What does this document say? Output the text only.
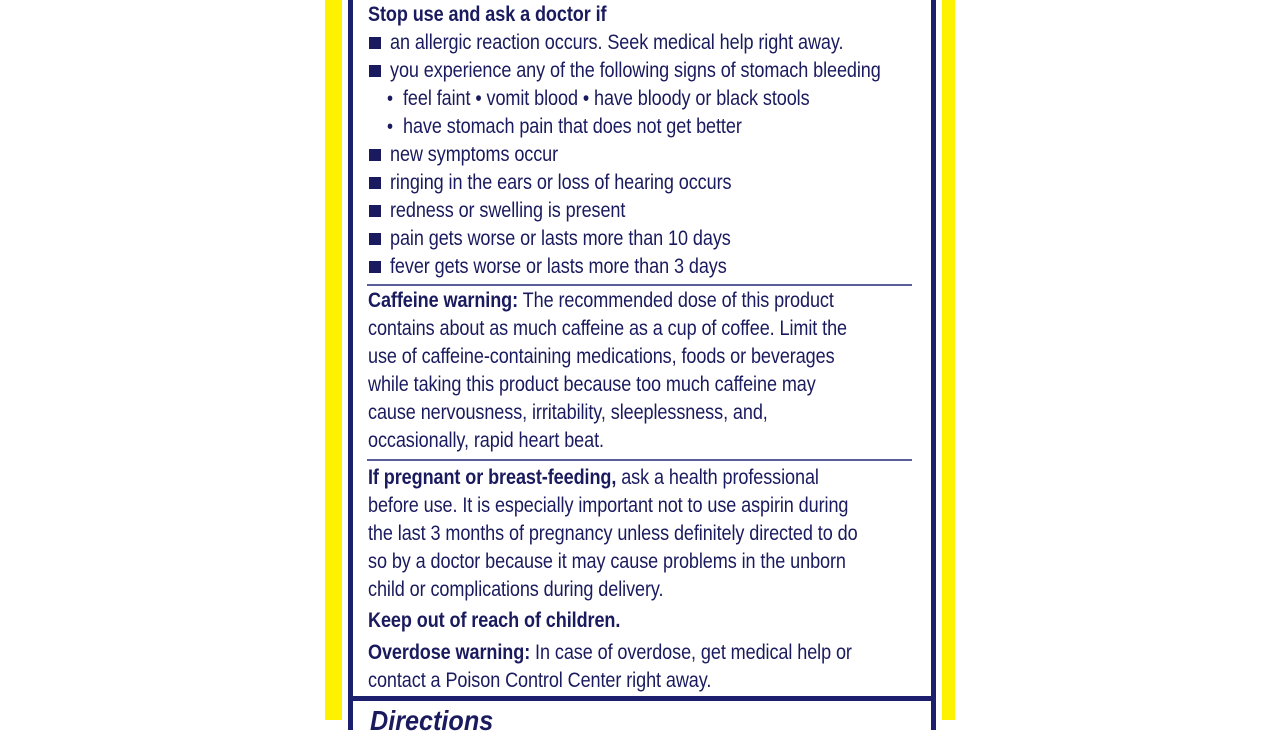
Stop use and ask a doctor if
an allergic reaction occurs. Seek medical help right away.
you experience any of the following signs of stomach bleeding
• feel faint • vomit blood • have bloody or black stools
• have stomach pain that does not get better
new symptoms occur
ringing in the ears or loss of hearing occurs
redness or swelling is present
pain gets worse or lasts more than 10 days
fever gets worse or lasts more than 3 days
Caffeine warning: The recommended dose of this product
contains about as much caffeine as a cup of coffee. Limit the
use of caffeine-containing medications, foods or beverages
while taking this product because too much caffeine may
cause nervousness, irritability, sleeplessness, and,
occasionally, rapid heart beat.
If pregnant or breast-feeding, ask a health professional
before use. It is especially important not to use aspirin during
the last 3 months of pregnancy unless definitely directed to do
so by a doctor because it may cause problems in the unborn
child or complications during delivery.
Keep out of reach of children.
Overdose warning: In case of overdose, get medical help or
contact a Poison Control Center right away.
Directions
